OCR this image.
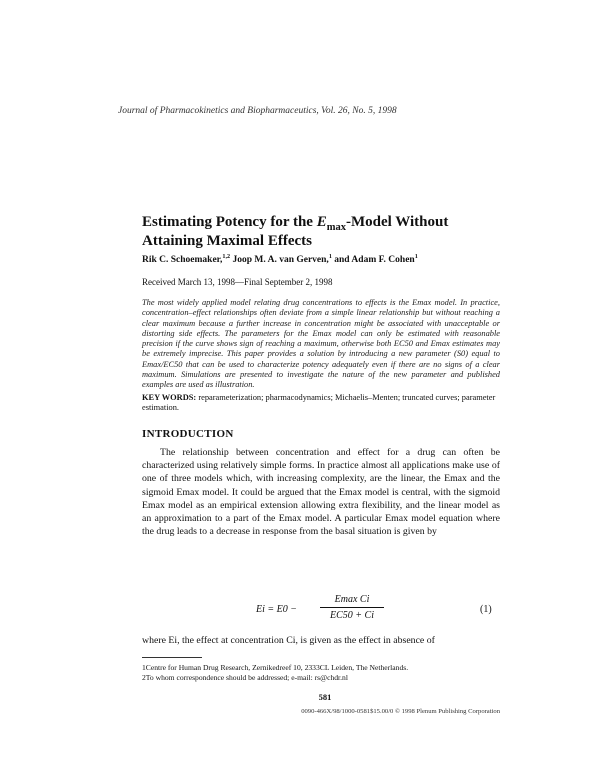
Journal of Pharmacokinetics and Biopharmaceutics, Vol. 26, No. 5, 1998
Estimating Potency for the $E_{max}$-Model Without
Attaining Maximal Effects
Rik C. Schoemaker,$^{1,2}$ Joop M. A. van Gerven,$^1$ and Adam F. Cohen$^1$
Received March 13, 1998—Final September 2, 1998
The most widely applied model relating drug concentrations to effects is the Emax model. In practice, concentration–effect relationships often deviate from a simple linear relationship but without reaching a clear maximum because a further increase in concentration might be associated with unacceptable or distorting side effects. The parameters for the Emax model can only be estimated with reasonable precision if the curve shows sign of reaching a maximum, otherwise both EC50 and Emax estimates may be extremely imprecise. This paper provides a solution by introducing a new parameter (S0) equal to Emax/EC50 that can be used to characterize potency adequately even if there are no signs of a clear maximum. Simulations are presented to investigate the nature of the new parameter and published examples are used as illustration.
KEY WORDS: reparameterization; pharmacodynamics; Michaelis–Menten; truncated curves; parameter estimation.
INTRODUCTION
The relationship between concentration and effect for a drug can often be characterized using relatively simple forms. In practice almost all applications make use of one of three models which, with increasing complexity, are the linear, the Emax and the sigmoid Emax model. It could be argued that the Emax model is central, with the sigmoid Emax model as an empirical extension allowing extra flexibility, and the linear model as an approximation to a part of the Emax model. A particular Emax model equation where the drug leads to a decrease in response from the basal situation is given by
Ei = E0 −
Emax Ci
EC50 + Ci
(1)
where Ei, the effect at concentration Ci, is given as the effect in absence of
1Centre for Human Drug Research, Zernikedreef 10, 2333CL Leiden, The Netherlands.
2To whom correspondence should be addressed; e-mail: rs@chdr.nl
581
0090-466X/98/1000-0581$15.00/0 © 1998 Plenum Publishing Corporation
